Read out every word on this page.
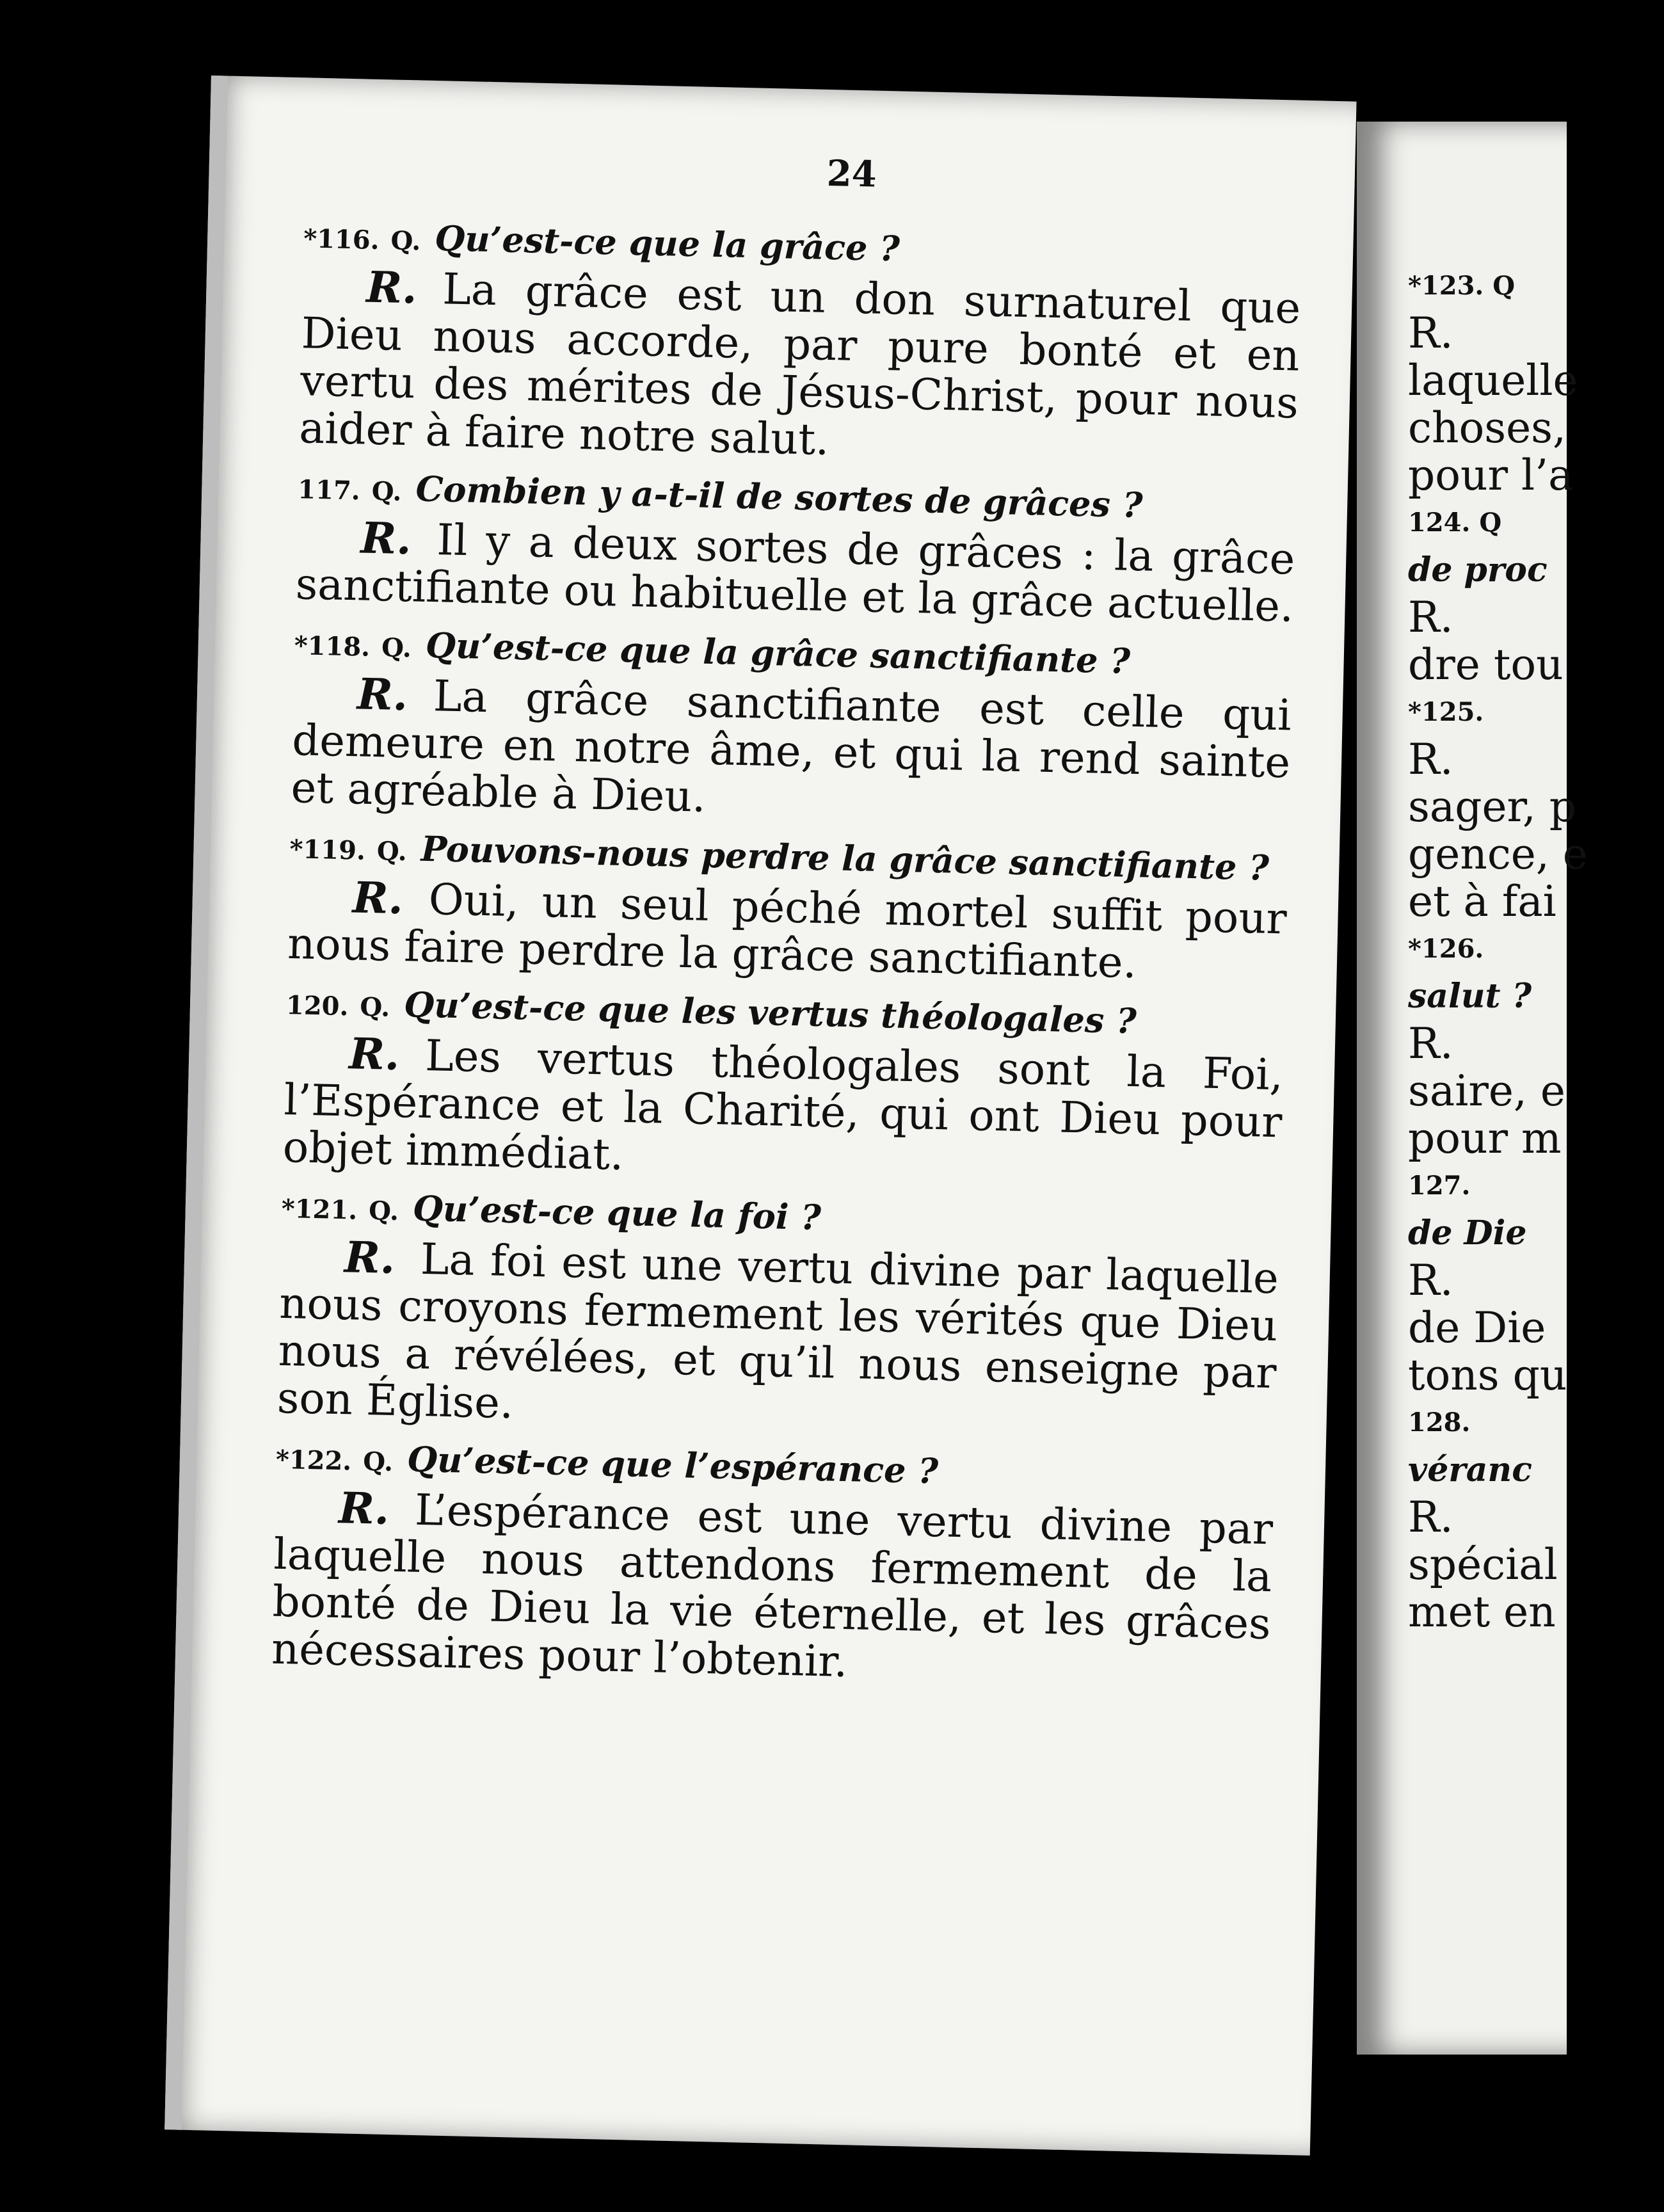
24

*116. Q. Qu’est-ce que la grâce ?

R. La grâce est un don surnaturel que Dieu nous accorde, par pure bonté et en vertu des mérites de Jésus-Christ, pour nous aider à faire notre salut.

117. Q. Combien y a-t-il de sortes de grâces ?

R. Il y a deux sortes de grâces : la grâce sanctifiante ou habituelle et la grâce actuelle.

*118. Q. Qu’est-ce que la grâce sanctifiante ?

R. La grâce sanctifiante est celle qui demeure en notre âme, et qui la rend sainte et agréable à Dieu.

*119. Q. Pouvons-nous perdre la grâce sanctifiante ?

R. Oui, un seul péché mortel suffit pour nous faire perdre la grâce sanctifiante.

120. Q. Qu’est-ce que les vertus théologales ?

R. Les vertus théologales sont la Foi, l’Espérance et la Charité, qui ont Dieu pour objet immédiat.

*121. Q. Qu’est-ce que la foi ?

R. La foi est une vertu divine par laquelle nous croyons fermement les vérités que Dieu nous a révélées, et qu’il nous enseigne par son Église.

*122. Q. Qu’est-ce que l’espérance ?

R. L’espérance est une vertu divine par laquelle nous attendons fermement de la bonté de Dieu la vie éternelle, et les grâces nécessaires pour l’obtenir.

*123. Q
R.
laquelle
choses,
pour l’a
124. Q
de proc
R.
dre tou
*125.
R.
sager, p
gence, e
et à fai
*126.
salut ?
R.
saire, e
pour m
127.
de Die
R.
de Die
tons qu
128.
véranc
R.
spécial
met en
